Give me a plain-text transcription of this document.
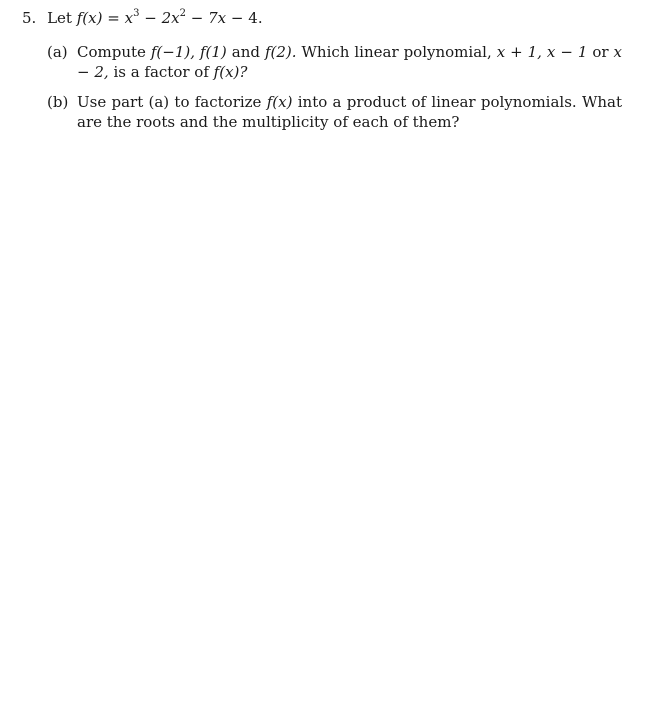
5. Let $f(x) = x^3 - 2x^2 - 7x - 4$.
(a) Compute f(−1), f(1) and f(2). Which linear polynomial, x + 1, x − 1 or x − 2, is a factor of f(x)?
(b) Use part (a) to factorize f(x) into a product of linear polynomials. What are the roots and the multiplicity of each of them?
